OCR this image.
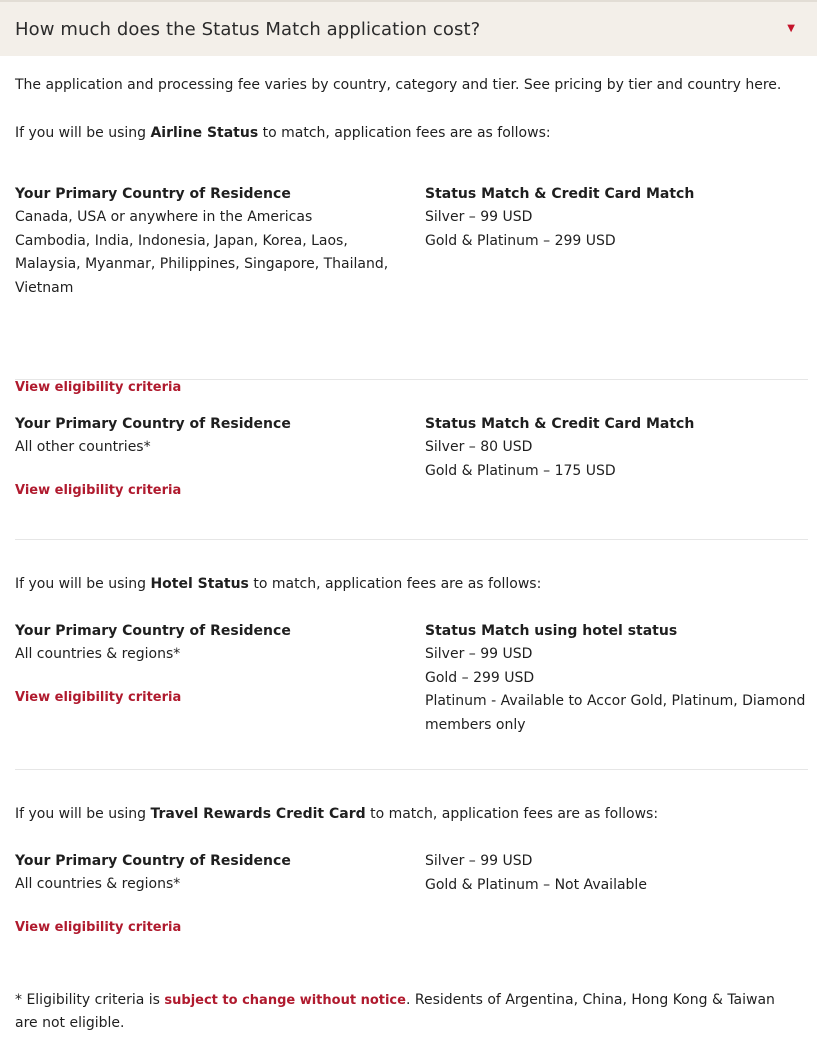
How much does the Status Match application cost?	▼

The application and processing fee varies by country, category and tier. See pricing by tier and country here.

If you will be using Airline Status to match, application fees are as follows:

Your Primary Country of Residence
Canada, USA or anywhere in the Americas
Cambodia, India, Indonesia, Japan, Korea, Laos,
Malaysia, Myanmar, Philippines, Singapore, Thailand,
Vietnam
Status Match & Credit Card Match
Silver – 99 USD
Gold & Platinum – 299 USD
View eligibility criteria
Your Primary Country of Residence
All other countries*
Status Match & Credit Card Match
Silver – 80 USD
Gold & Platinum – 175 USD
View eligibility criteria

If you will be using Hotel Status to match, application fees are as follows:

Your Primary Country of Residence
All countries & regions*
Status Match using hotel status
Silver – 99 USD
Gold – 299 USD
Platinum - Available to Accor Gold, Platinum, Diamond
members only
View eligibility criteria

If you will be using Travel Rewards Credit Card to match, application fees are as follows:

Your Primary Country of Residence
All countries & regions*
Silver – 99 USD
Gold & Platinum – Not Available
View eligibility criteria

* Eligibility criteria is subject to change without notice. Residents of Argentina, China, Hong Kong & Taiwan are not eligible.
